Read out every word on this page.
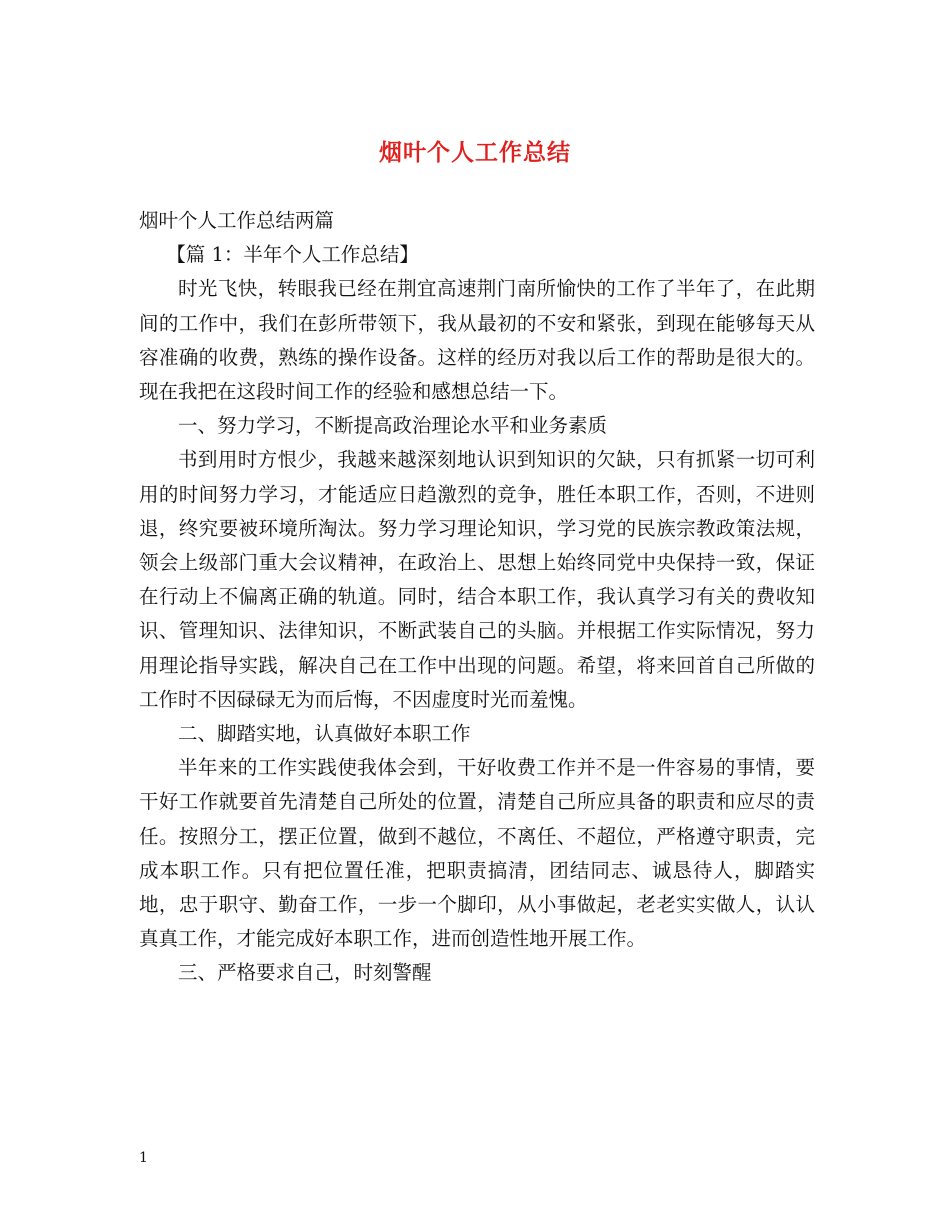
烟叶个人工作总结

烟叶个人工作总结两篇

【篇 1：半年个人工作总结】

时光飞快，转眼我已经在荆宜高速荆门南所愉快的工作了半年了，在此期间的工作中，我们在彭所带领下，我从最初的不安和紧张，到现在能够每天从容准确的收费，熟练的操作设备。这样的经历对我以后工作的帮助是很大的。现在我把在这段时间工作的经验和感想总结一下。

一、努力学习，不断提高政治理论水平和业务素质

书到用时方恨少，我越来越深刻地认识到知识的欠缺，只有抓紧一切可利用的时间努力学习，才能适应日趋激烈的竞争，胜任本职工作，否则，不进则退，终究要被环境所淘汰。努力学习理论知识，学习党的民族宗教政策法规，领会上级部门重大会议精神，在政治上、思想上始终同党中央保持一致，保证在行动上不偏离正确的轨道。同时，结合本职工作，我认真学习有关的费收知识、管理知识、法律知识，不断武装自己的头脑。并根据工作实际情况，努力用理论指导实践，解决自己在工作中出现的问题。希望，将来回首自己所做的工作时不因碌碌无为而后悔，不因虚度时光而羞愧。

二、脚踏实地，认真做好本职工作

半年来的工作实践使我体会到，干好收费工作并不是一件容易的事情，要干好工作就要首先清楚自己所处的位置，清楚自己所应具备的职责和应尽的责任。按照分工，摆正位置，做到不越位，不离任、不超位，严格遵守职责，完成本职工作。只有把位置任准，把职责搞清，团结同志、诚恳待人，脚踏实地，忠于职守、勤奋工作，一步一个脚印，从小事做起，老老实实做人，认认真真工作，才能完成好本职工作，进而创造性地开展工作。

三、严格要求自己，时刻警醒

1
